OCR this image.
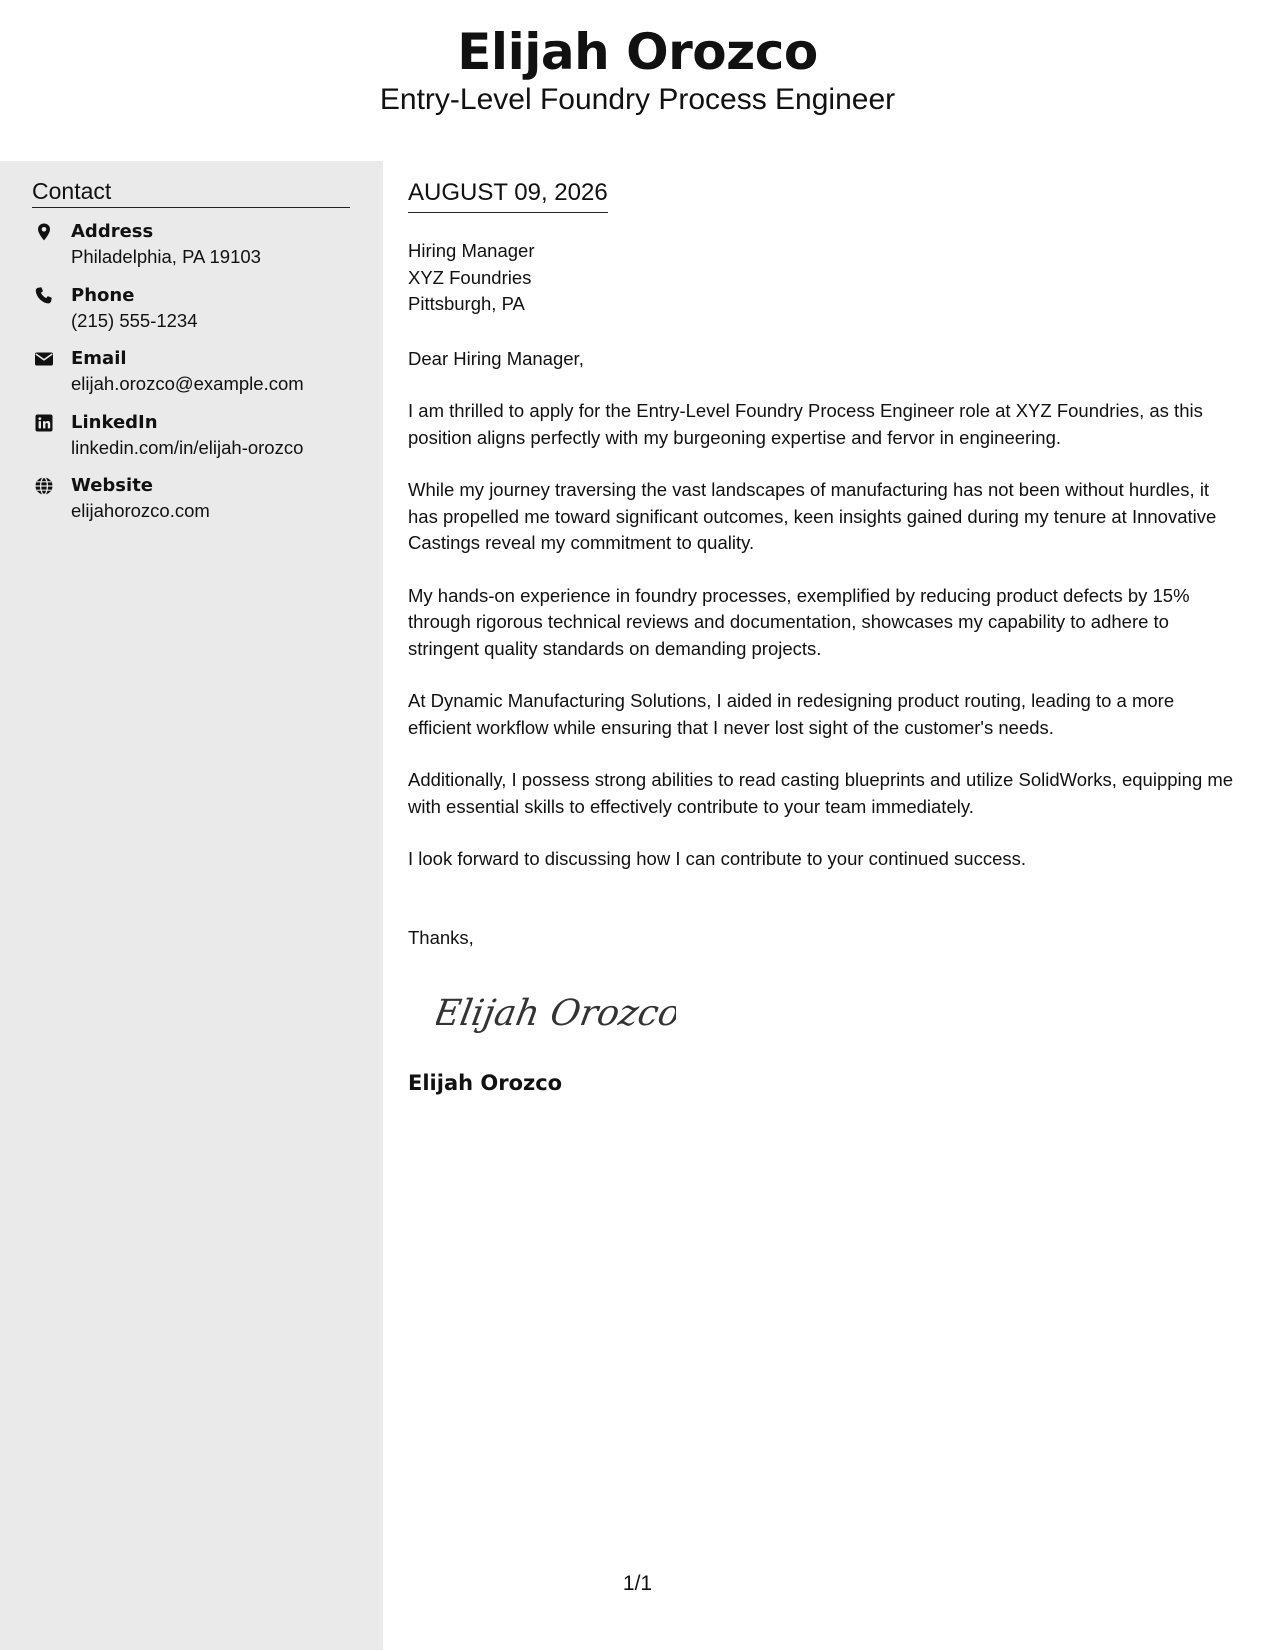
Elijah Orozco
Entry-Level Foundry Process Engineer
Contact
Address
Philadelphia, PA 19103
Phone
(215) 555-1234
Email
elijah.orozco@example.com
LinkedIn
linkedin.com/in/elijah-orozco
Website
elijahorozco.com
AUGUST 09, 2026
Hiring Manager
XYZ Foundries
Pittsburgh, PA
Dear Hiring Manager,

I am thrilled to apply for the Entry-Level Foundry Process Engineer role at XYZ Foundries, as this position aligns perfectly with my burgeoning expertise and fervor in engineering.

While my journey traversing the vast landscapes of manufacturing has not been without hurdles, it has propelled me toward significant outcomes, keen insights gained during my tenure at Innovative Castings reveal my commitment to quality.

My hands-on experience in foundry processes, exemplified by reducing product defects by 15% through rigorous technical reviews and documentation, showcases my capability to adhere to stringent quality standards on demanding projects.

At Dynamic Manufacturing Solutions, I aided in redesigning product routing, leading to a more efficient workflow while ensuring that I never lost sight of the customer's needs.

Additionally, I possess strong abilities to read casting blueprints and utilize SolidWorks, equipping me with essential skills to effectively contribute to your team immediately.

I look forward to discussing how I can contribute to your continued success.

Thanks,
Elijah Orozco
Elijah Orozco
1/1
